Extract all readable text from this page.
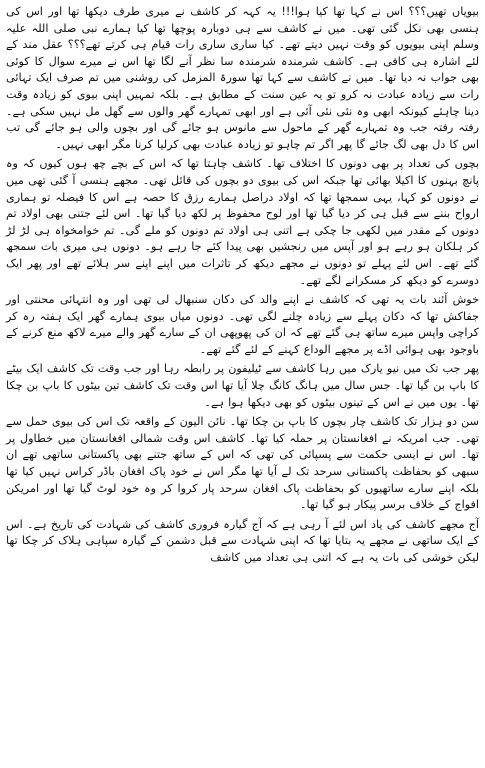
بیویاں تھیں؟؟؟ اس نے کہا تھا کیا ہوا!!! یہ کہہ کر کاشف نے میری طرف دیکھا تھا اور اس کی ہنسی بھی نکل گئی تھی۔ میں نے کاشف سے ہی دوبارہ پوچھا تھا کیا ہمارے نبی صلی اللہ علیہ وسلم اپنی بیویوں کو وقت نہیں دیتے تھے۔ کیا ساری ساری رات قیام ہی کرتے تھے؟؟؟ عقل مند کے لئے اشارہ ہی کافی ہے۔ کاشف شرمندہ شرمندہ سا نظر آنے لگا تھا اس نے میرے سوال کا کوئی بھی جواب نہ دیا تھا۔ میں نے کاشف سے کہا تھا سورۃ المزمل کی روشنی میں تم صرف ایک تہائی رات سے زیادہ عبادت نہ کرو تو یہ عین سنت کے مطابق ہے۔ بلکہ تمہیں اپنی بیوی کو زیادہ وقت دینا چاہئے کیونکہ ابھی وہ نئی نئی آئی ہے اور ابھی تمہارے گھر والوں سے گھل مل نہیں سکی ہے۔ رفتہ رفتہ جب وہ تمہارے گھر کے ماحول سے مانوس ہو جائے گی اور بچوں والی ہو جائے گی تب اس کا دل بھی لگ جائے گا پھر اگر تم چاہو تو زیادہ عبادت بھی کرلیا کرنا مگر ابھی نہیں۔

بچوں کی تعداد پر بھی دونوں کا اختلاف تھا۔ کاشف چاہتا تھا کہ اس کے بچے چھ ہوں کیوں کہ وہ پانچ بہنوں کا اکیلا بھائی تھا جبکہ اس کی بیوی دو بچوں کی قائل تھی۔ مجھے ہنسی آ گئی تھی میں نے دونوں کو کہا، یہی سمجھا تھا کہ اولاد دراصل ہمارے رزق کا حصہ ہے اس کا فیصلہ تو ہماری ارواح بننے سے قبل ہی کر دیا گیا تھا اور لوح محفوظ پر لکھ دیا گیا تھا۔ اس لئے جتنی بھی اولاد تم دونوں کے مقدر میں لکھی جا چکی ہے اتنی ہی اولاد تم دونوں کو ملے گی۔ تم خوامخواہ ہی لڑ لڑ کر ہلکان ہو رہے ہو اور آپس میں رنجشیں بھی پیدا کئے جا رہے ہو۔ دونوں ہی میری بات سمجھ گئے تھے۔ اس لئے پہلے تو دونوں نے مجھے دیکھ کر تاثرات میں اپنے اپنے سر ہلائے تھے اور پھر ایک دوسرے کو دیکھ کر مسکرانے لگے تھے۔

خوش آئند بات یہ تھی کہ کاشف نے اپنے والد کی دکان سنبھال لی تھی اور وہ انتہائی محنتی اور جفاکش تھا کہ دکان پہلے سے زیادہ چلنے لگی تھی۔ دونوں میاں بیوی ہمارے گھر ایک ہفتہ رہ کر کراچی واپس میرے ساتھ ہی گئے تھے کہ ان کی پھوپھی ان کے سارے گھر والے میرے لاکھ منع کرنے کے باوجود بھی ہوائی اڈے پر مجھے الوداع کہنے کے لئے گئے تھے۔

پھر جب تک میں نیو یارک میں رہا کاشف سے ٹیلیفون پر رابطہ رہا اور جب وقت تک کاشف ایک بیٹے کا باپ بن گیا تھا۔ جس سال میں ہانگ کانگ چلا آیا تھا اس وقت تک کاشف تین بیٹوں کا باپ بن چکا تھا۔ یوں میں نے اس کے تینوں بیٹوں کو بھی دیکھا ہوا ہے۔

سن دو ہزار تک کاشف چار بچوں کا باپ بن چکا تھا۔ نائن الیون کے واقعہ تک اس کی بیوی حمل سے تھی۔ جب امریکہ نے افغانستان پر حملہ کیا تھا۔ کاشف اس وقت شمالی افغانستان میں خطاول پر تھا۔ اس نے ایسی حکمت سے پسپائی کی تھی کہ اس کے ساتھ جتنے بھی پاکستانی ساتھی تھے ان سبھی کو بحفاظت پاکستانی سرحد تک لے آیا تھا مگر اس نے خود پاک افغان باڈر کراس نہیں کیا تھا بلکہ اپنے سارے ساتھیوں کو بحفاظت پاک افغان سرحد پار کروا کر وہ خود لوٹ گیا تھا اور امریکن افواج کے خلاف برسر پیکار ہو گیا تھا۔

آج مجھے کاشف کی یاد اس لئے آ رہی ہے کہ آج گیارہ فروری کاشف کی شہادت کی تاریخ ہے۔ اس کے ایک ساتھی نے مجھے یہ بتایا تھا کہ اپنی شہادت سے قبل دشمن کے گیارہ سپاہی ہلاک کر چکا تھا لیکن خوشی کی بات یہ ہے کہ اتنی ہی تعداد میں کاشف
